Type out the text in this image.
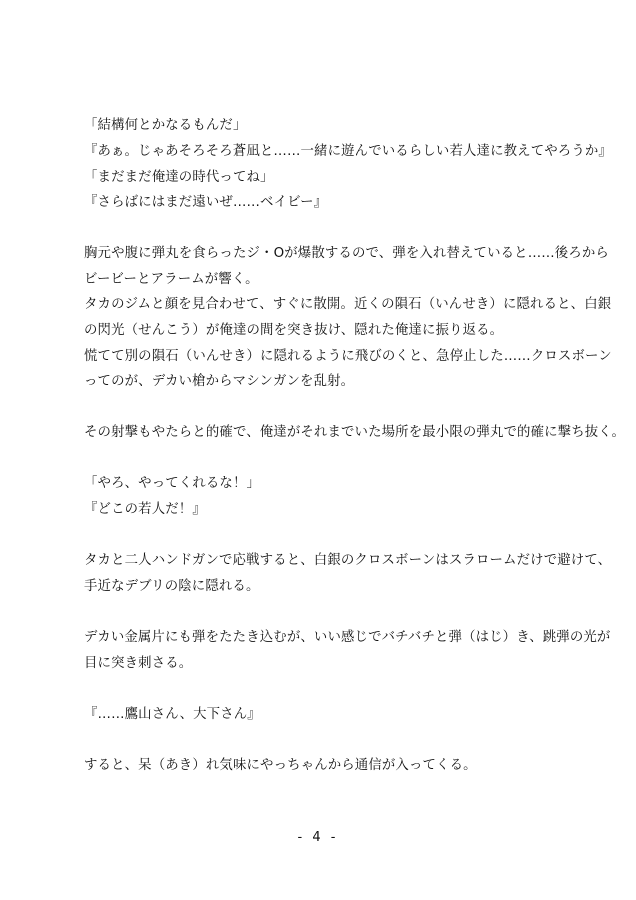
「結構何とかなるもんだ」
『あぁ。じゃあそろそろ蒼凪と……一緒に遊んでいるらしい若人達に教えてやろうか』
「まだまだ俺達の時代ってね」
『さらばにはまだ遠いぜ……ベイビー』
胸元や腹に弾丸を食らったジ・Oが爆散するので、弾を入れ替えていると……後ろから
ビービーとアラームが響く。
タカのジムと顔を見合わせて、すぐに散開。近くの隕石（いんせき）に隠れると、白銀
の閃光（せんこう）が俺達の間を突き抜け、隠れた俺達に振り返る。
慌てて別の隕石（いんせき）に隠れるように飛びのくと、急停止した……クロスボーン
ってのが、デカい槍からマシンガンを乱射。
その射撃もやたらと的確で、俺達がそれまでいた場所を最小限の弾丸で的確に撃ち抜く。
「やろ、やってくれるな！」
『どこの若人だ！』
タカと二人ハンドガンで応戦すると、白銀のクロスボーンはスラロームだけで避けて、
手近なデブリの陰に隠れる。
デカい金属片にも弾をたたき込むが、いい感じでバチバチと弾（はじ）き、跳弾の光が
目に突き刺さる。
『……鷹山さん、大下さん』
すると、呆（あき）れ気味にやっちゃんから通信が入ってくる。
- 4 -
